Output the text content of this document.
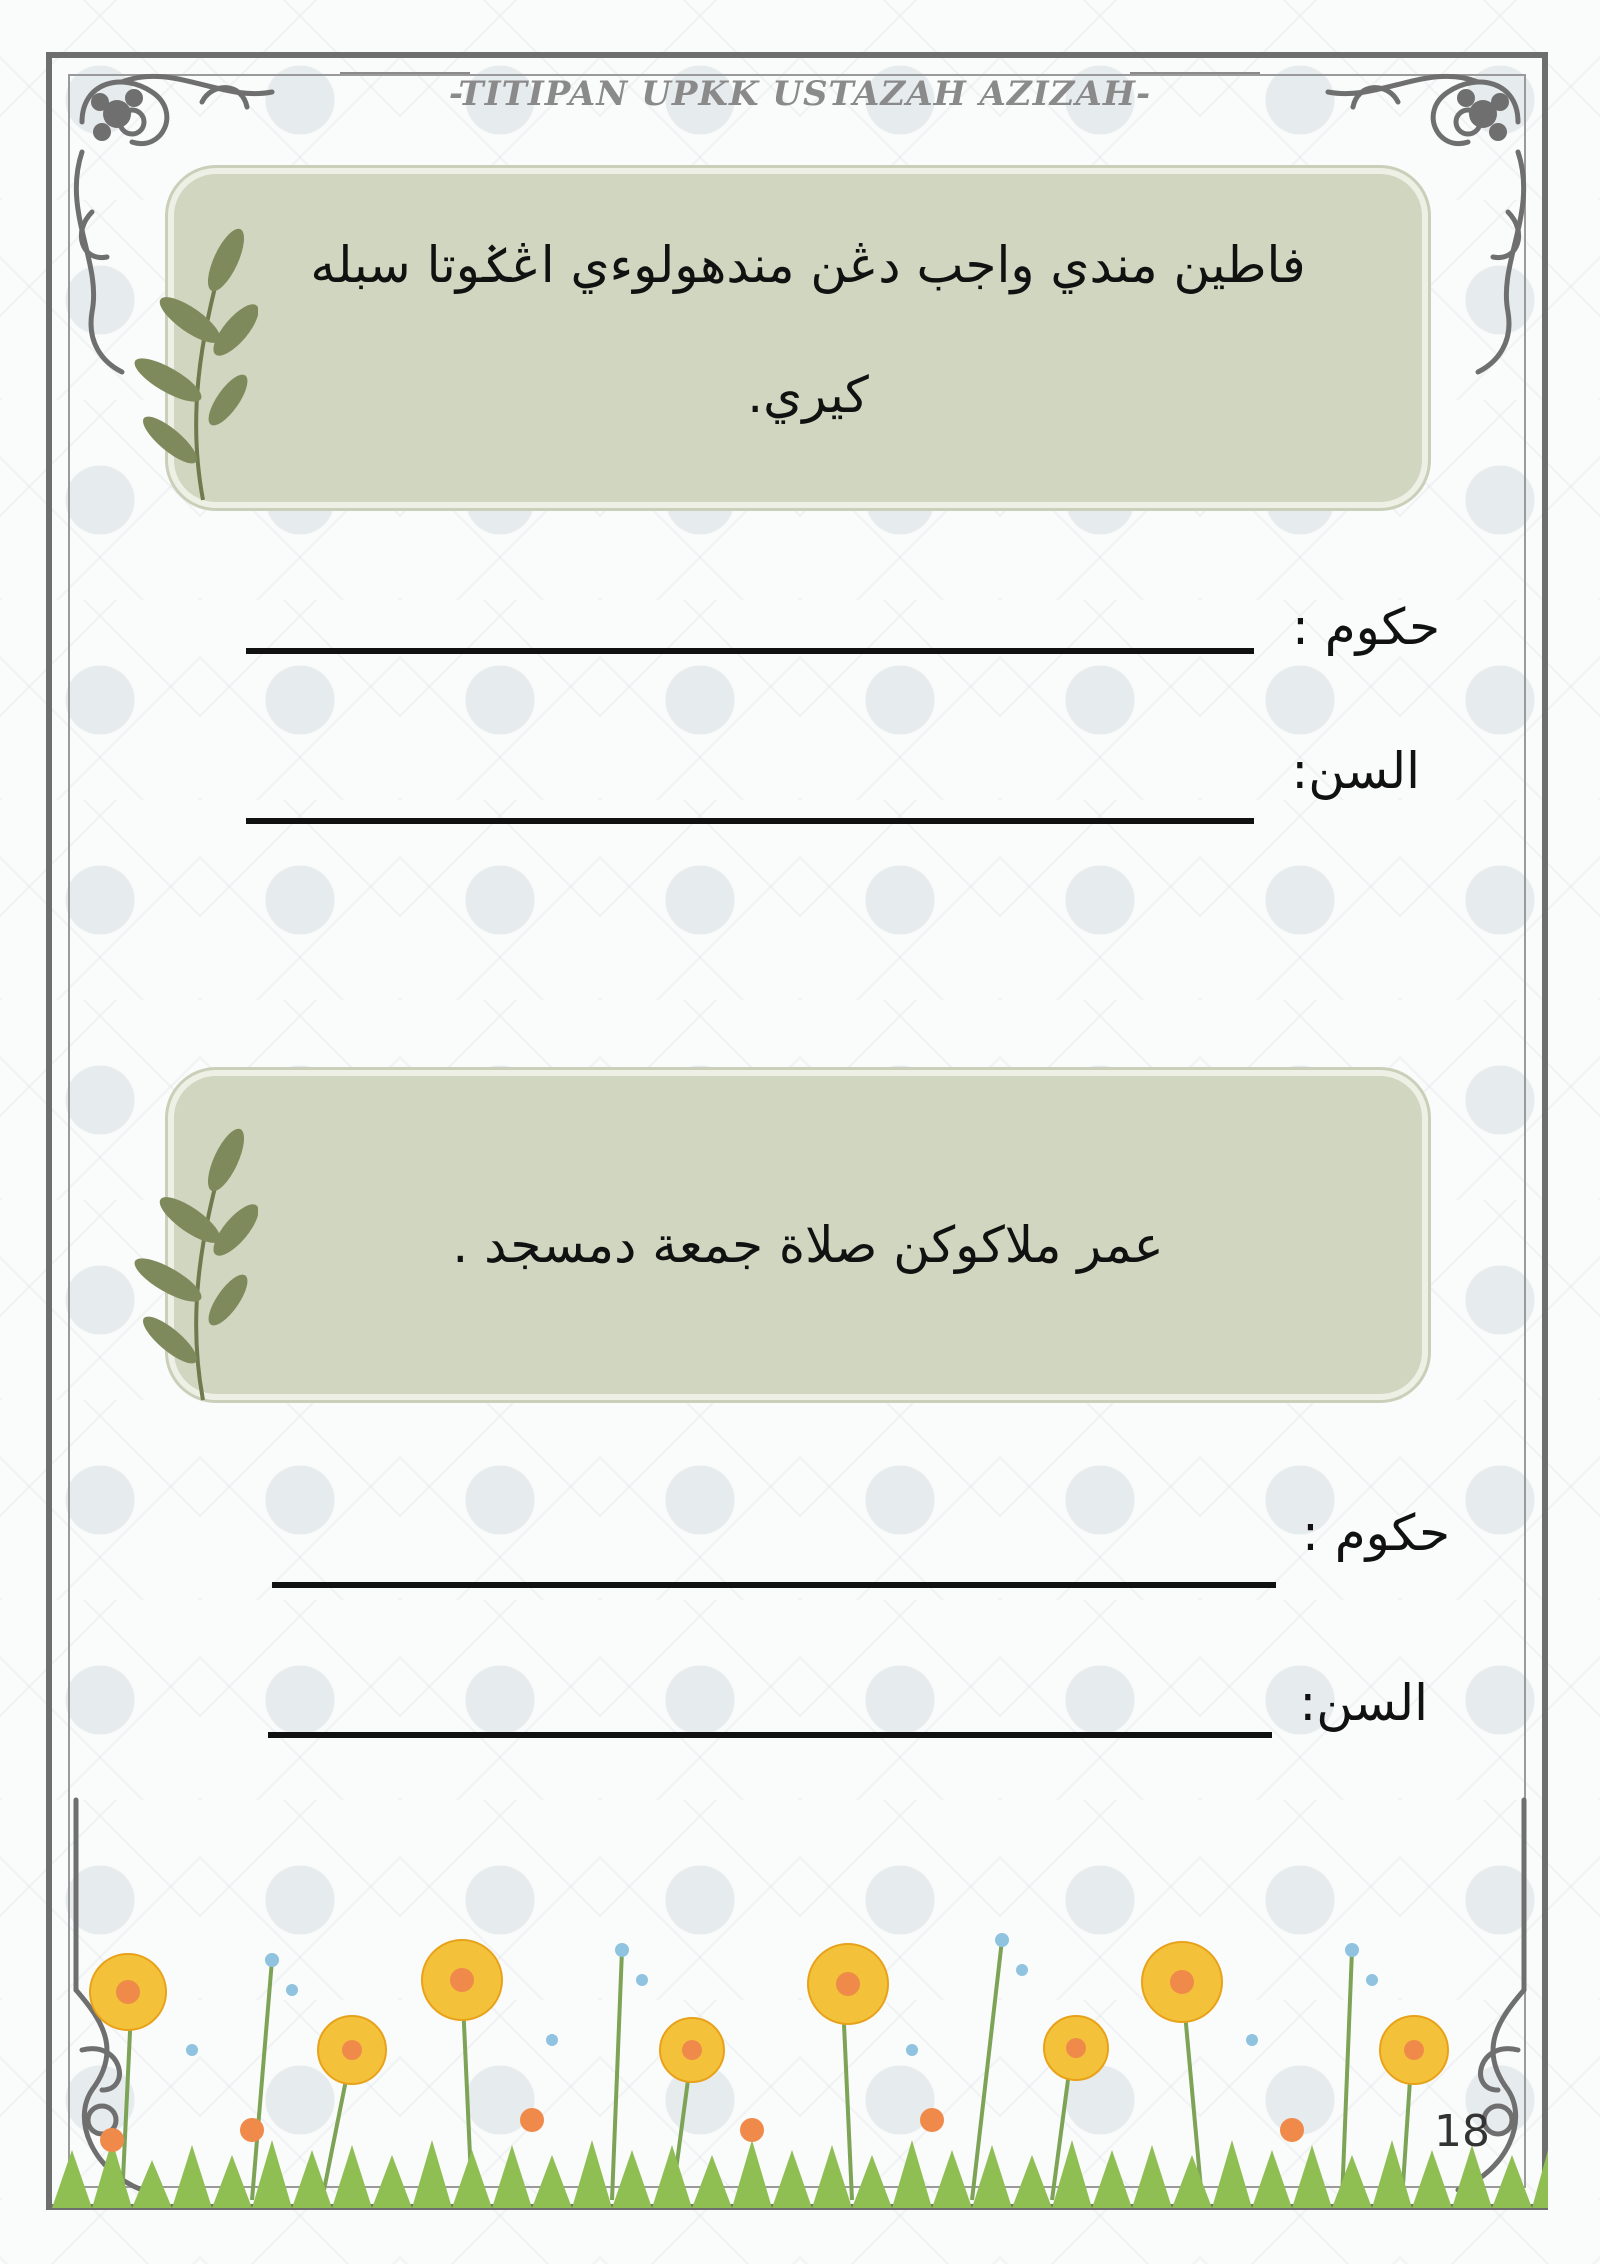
-TITIPAN UPKK USTAZAH AZIZAH-
فاطين مندي واجب دڠن مندهولوءي اڠݢوتا سبله كيري.
حكوم :
السن:
عمر ملاكوكن صلاة جمعة دمسجد .
حكوم :
السن:
18
